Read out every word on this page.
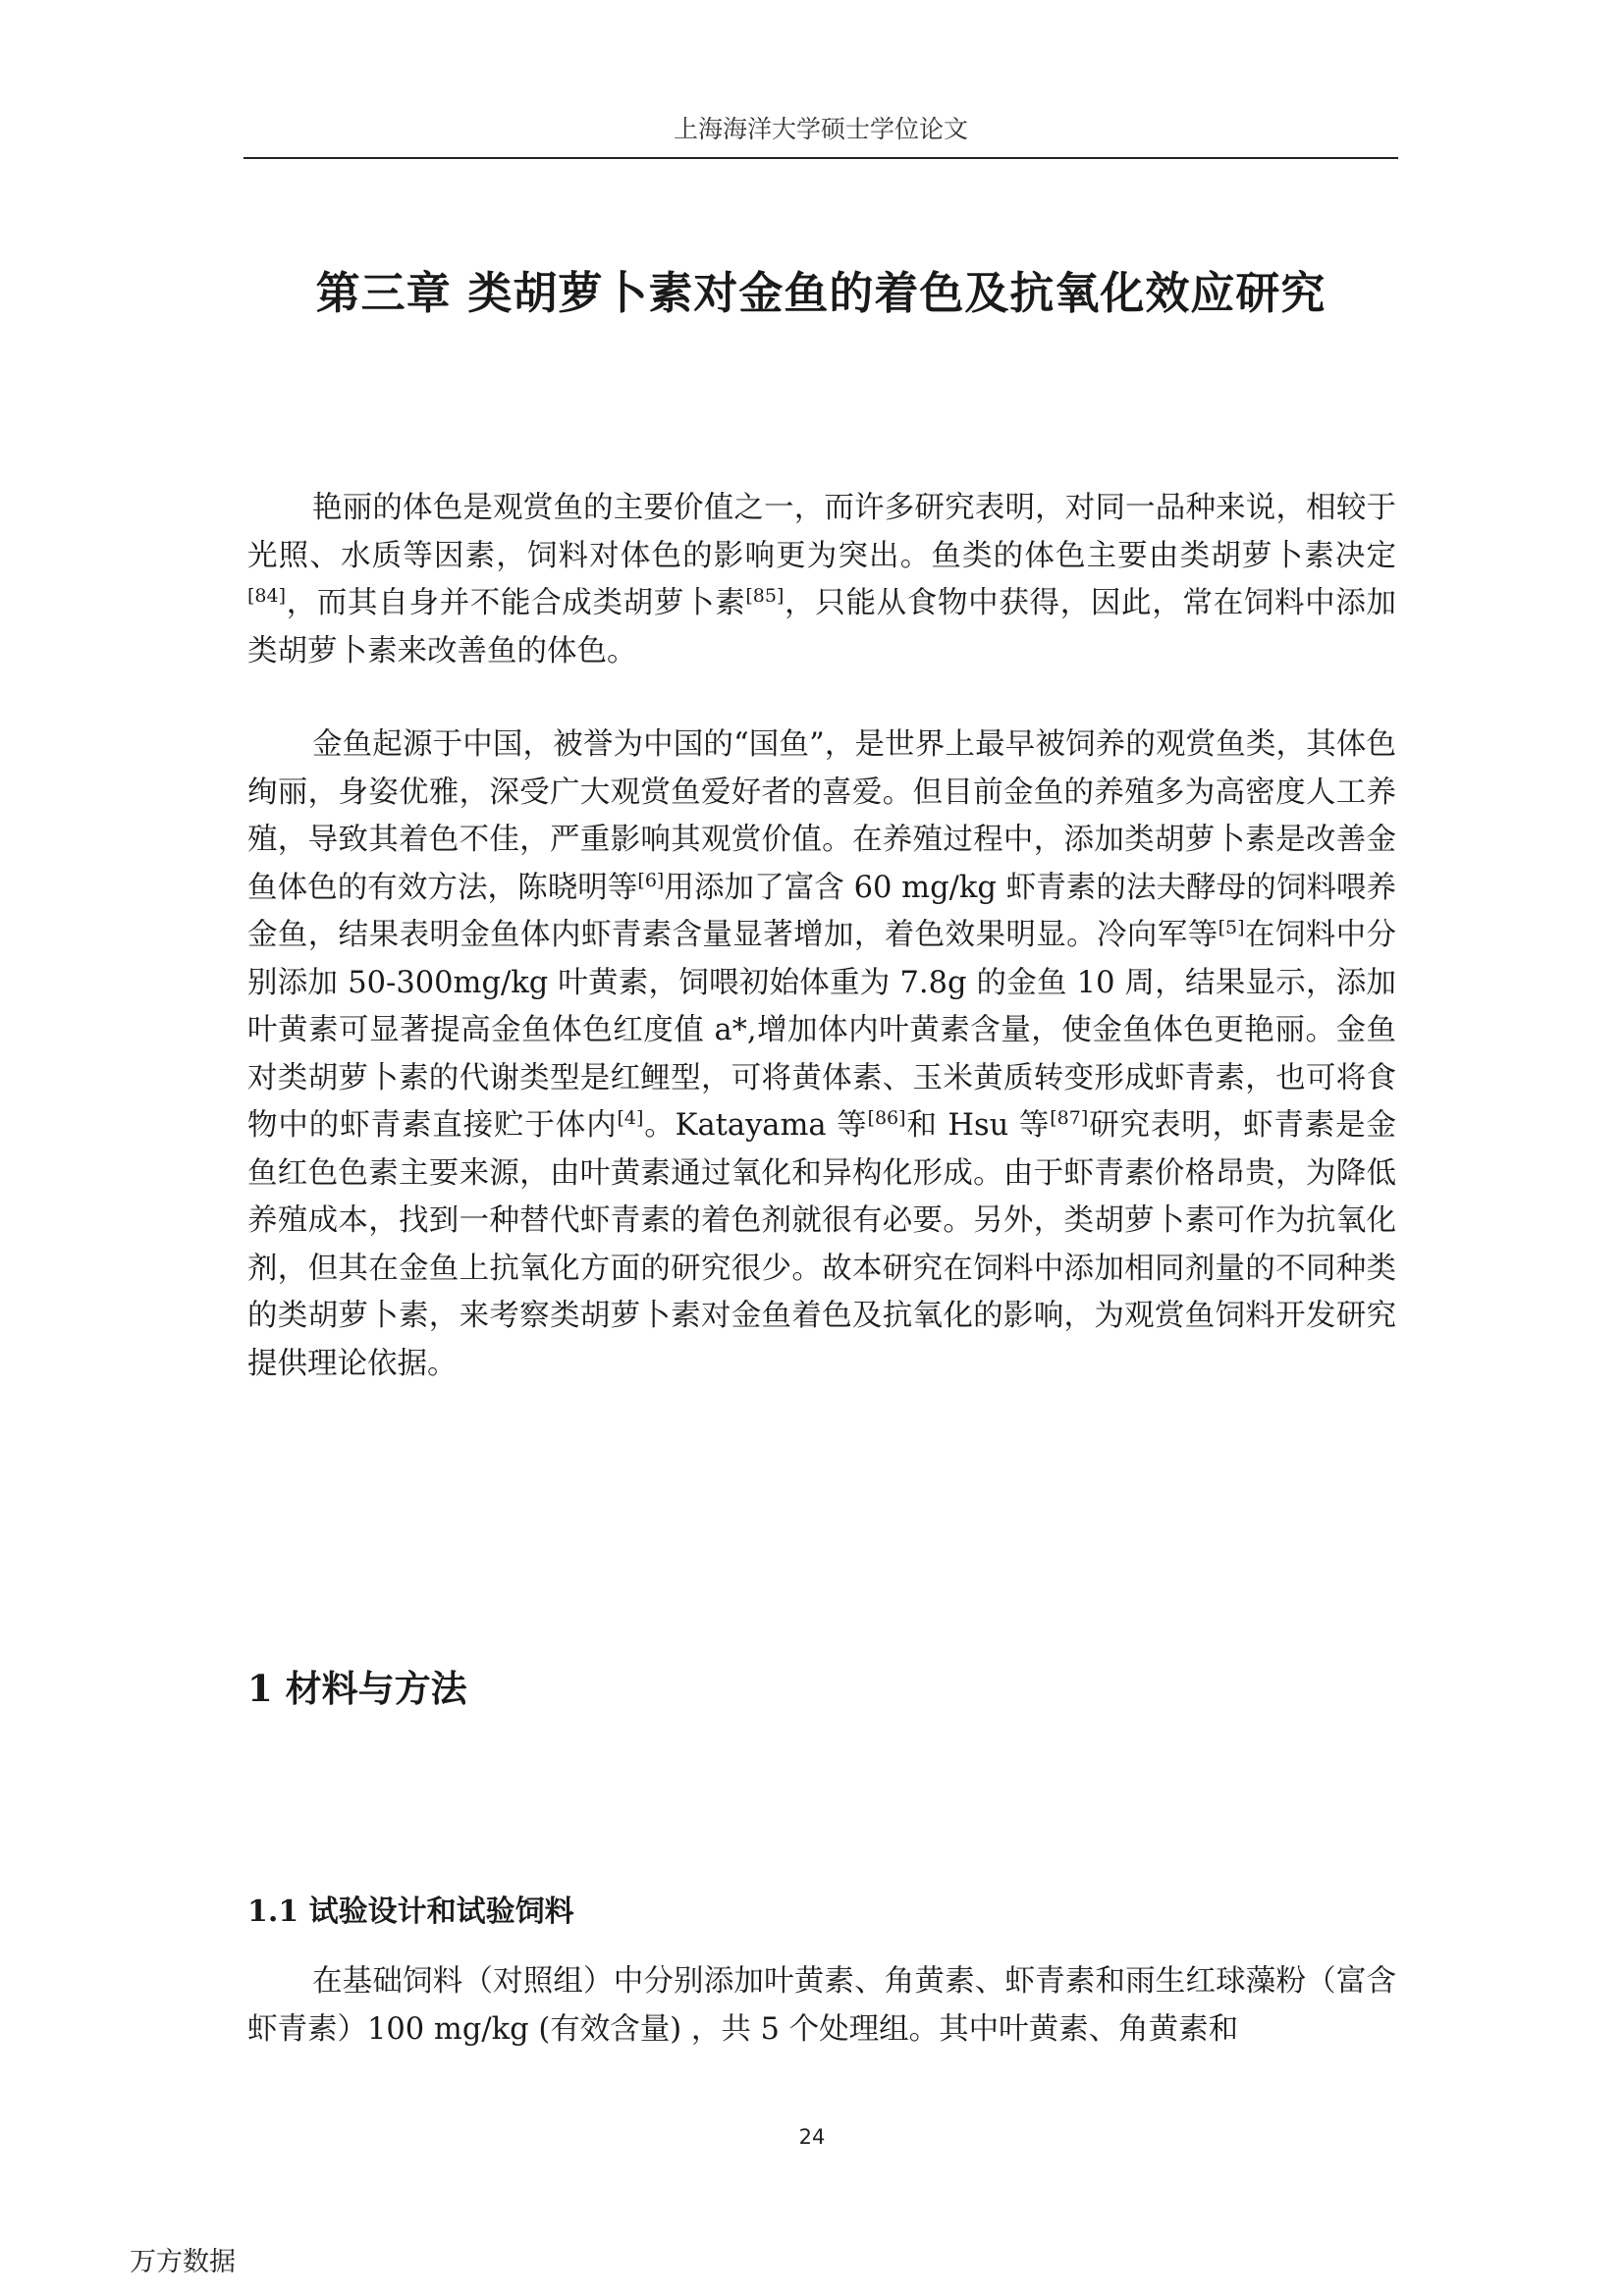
上海海洋大学硕士学位论文
第三章 类胡萝卜素对金鱼的着色及抗氧化效应研究

艳丽的体色是观赏鱼的主要价值之一，而许多研究表明，对同一品种来说，相较于光照、水质等因素，饲料对体色的影响更为突出。鱼类的体色主要由类胡萝卜素决定[84]，而其自身并不能合成类胡萝卜素[85]，只能从食物中获得，因此，常在饲料中添加类胡萝卜素来改善鱼的体色。

金鱼起源于中国，被誉为中国的“国鱼”，是世界上最早被饲养的观赏鱼类，其体色绚丽，身姿优雅，深受广大观赏鱼爱好者的喜爱。但目前金鱼的养殖多为高密度人工养殖，导致其着色不佳，严重影响其观赏价值。在养殖过程中，添加类胡萝卜素是改善金鱼体色的有效方法，陈晓明等[6]用添加了富含 60 mg/kg 虾青素的法夫酵母的饲料喂养金鱼，结果表明金鱼体内虾青素含量显著增加，着色效果明显。冷向军等[5]在饲料中分别添加 50-300mg/kg 叶黄素，饲喂初始体重为 7.8g 的金鱼 10 周，结果显示，添加叶黄素可显著提高金鱼体色红度值 a*,增加体内叶黄素含量，使金鱼体色更艳丽。金鱼对类胡萝卜素的代谢类型是红鲤型，可将黄体素、玉米黄质转变形成虾青素，也可将食物中的虾青素直接贮于体内[4]。Katayama 等[86]和 Hsu 等[87]研究表明，虾青素是金鱼红色色素主要来源，由叶黄素通过氧化和异构化形成。由于虾青素价格昂贵，为降低养殖成本，找到一种替代虾青素的着色剂就很有必要。另外，类胡萝卜素可作为抗氧化剂，但其在金鱼上抗氧化方面的研究很少。故本研究在饲料中添加相同剂量的不同种类的类胡萝卜素，来考察类胡萝卜素对金鱼着色及抗氧化的影响，为观赏鱼饲料开发研究提供理论依据。

1 材料与方法
1.1 试验设计和试验饲料

在基础饲料（对照组）中分别添加叶黄素、角黄素、虾青素和雨生红球藻粉（富含虾青素）100 mg/kg (有效含量) ，共 5 个处理组。其中叶黄素、角黄素和

24
万方数据
